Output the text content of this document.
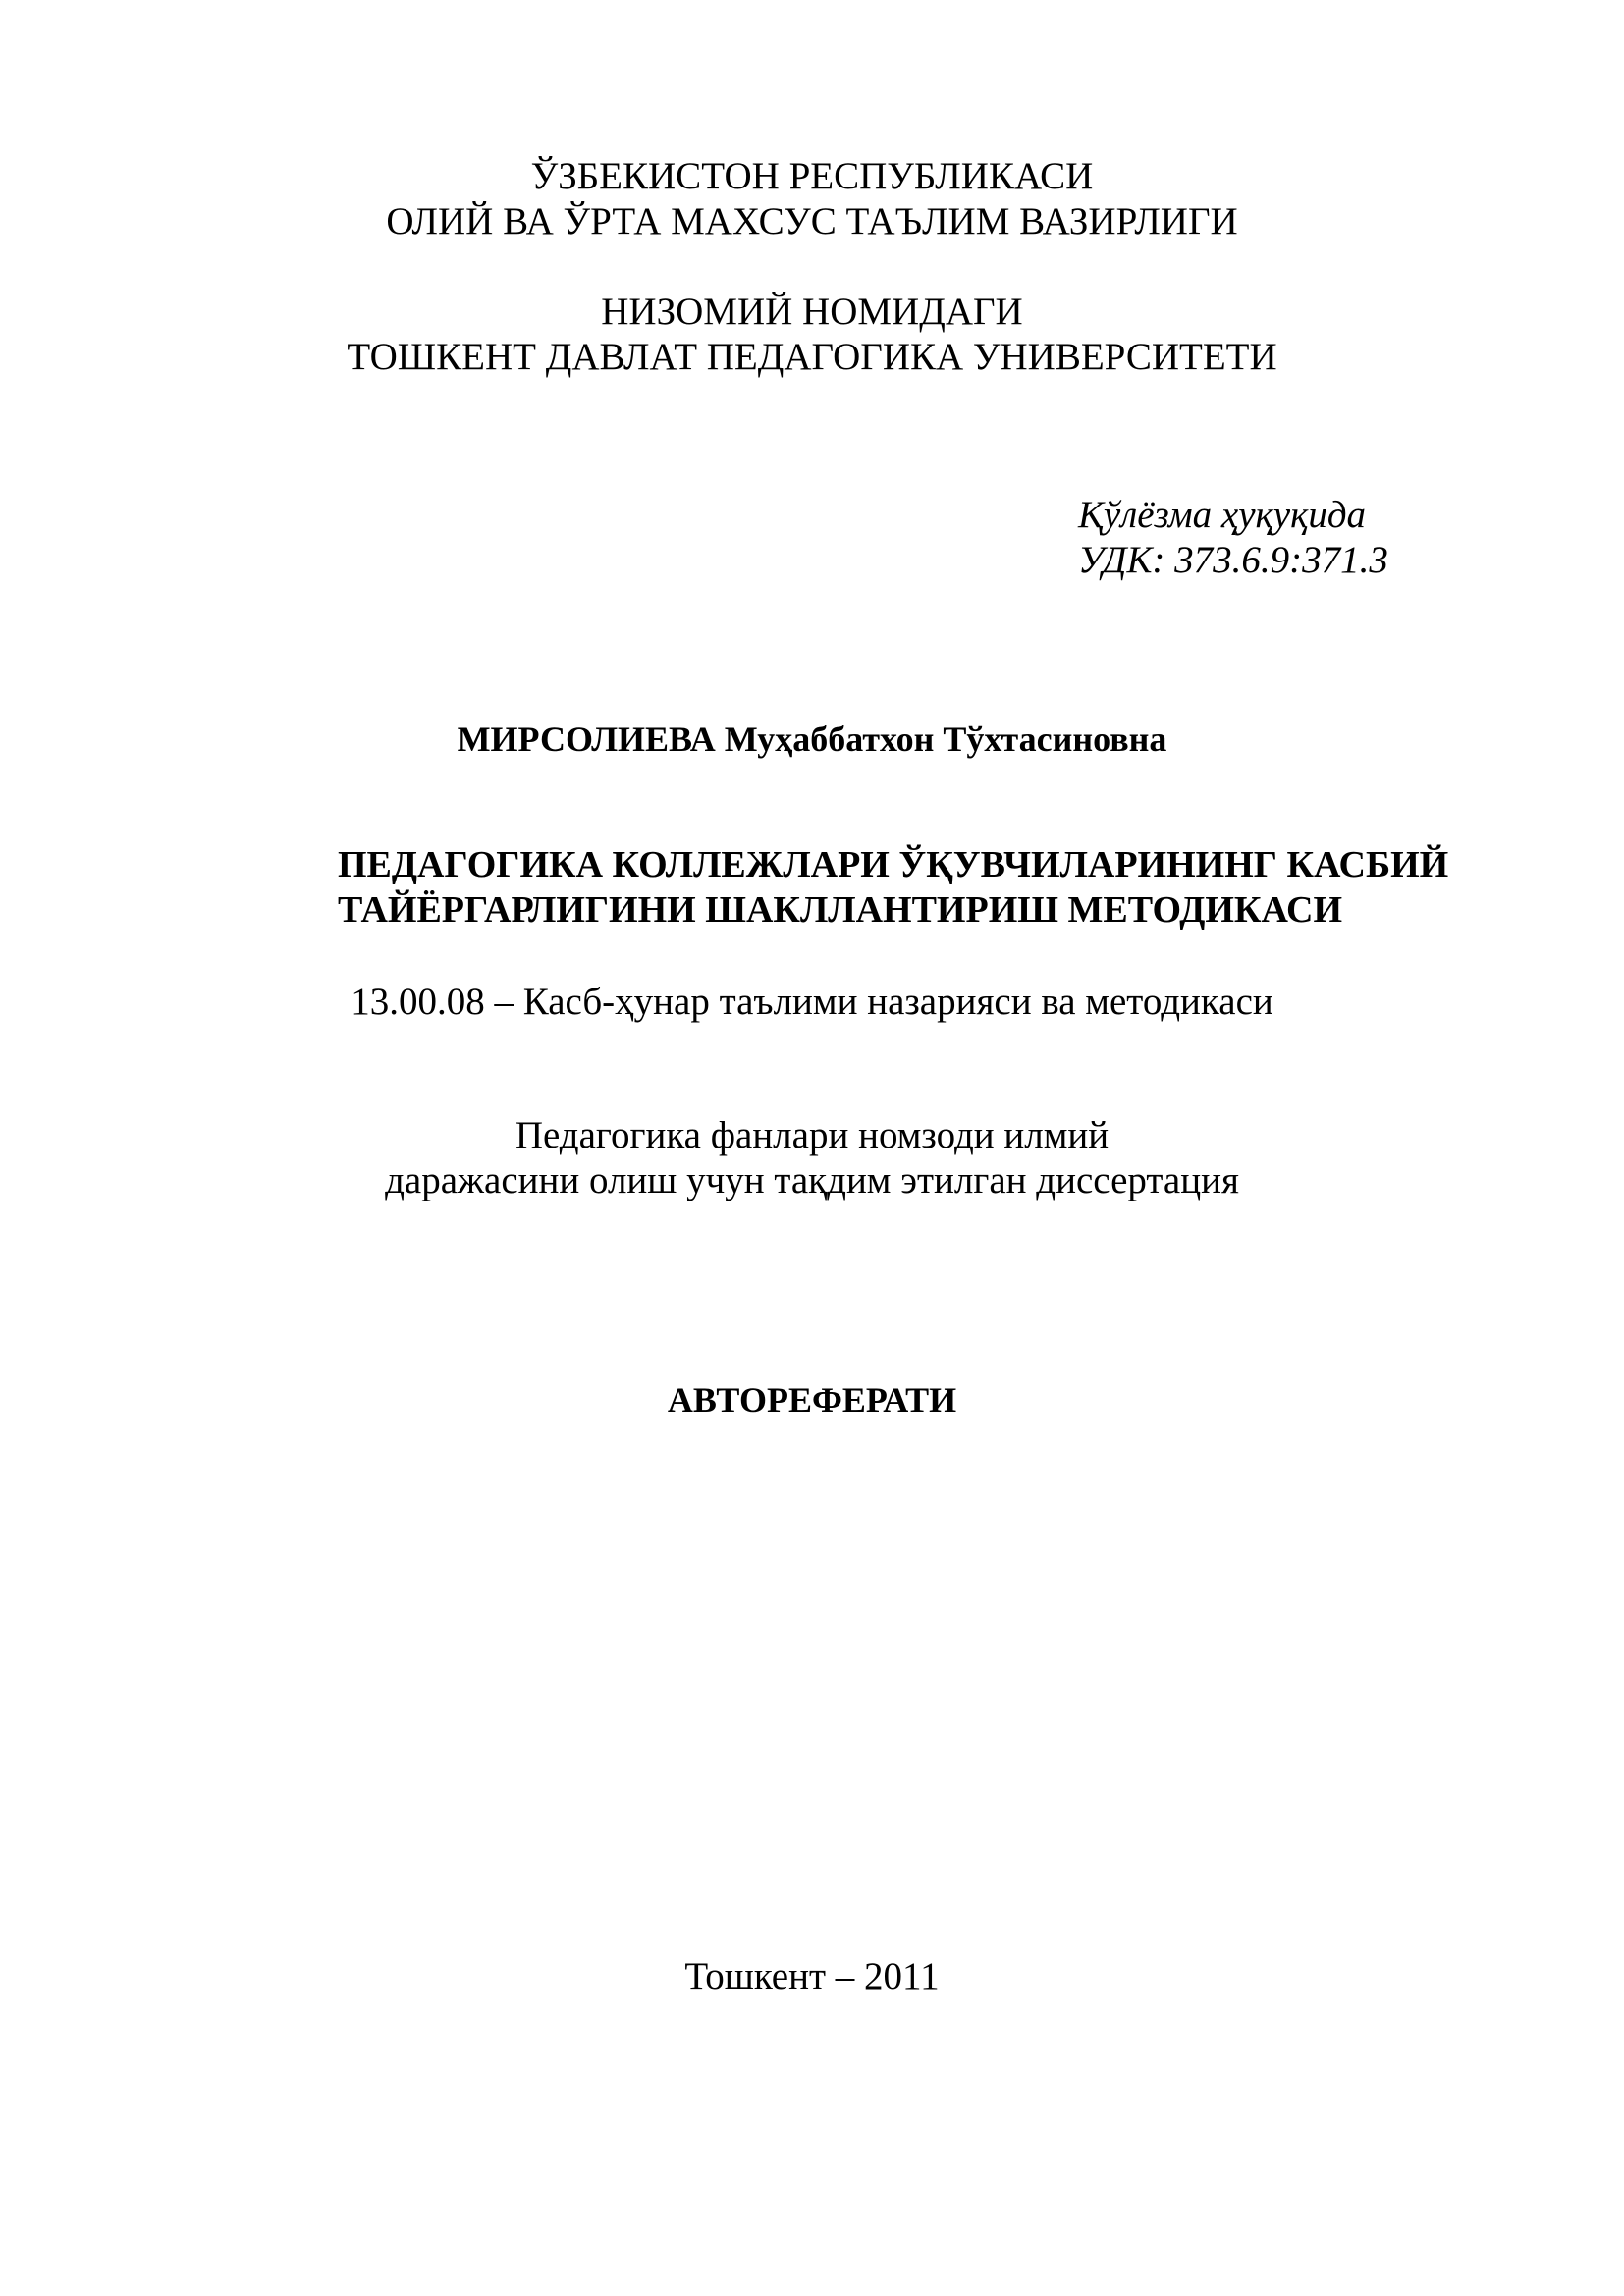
ЎЗБЕКИСТОН РЕСПУБЛИКАСИ

ОЛИЙ ВА ЎРТА МАХСУС ТАЪЛИМ ВАЗИРЛИГИ

НИЗОМИЙ НОМИДАГИ

ТОШКЕНТ ДАВЛАТ ПЕДАГОГИКА УНИВЕРСИТЕТИ

Қўлёзма ҳуқуқида

УДК: 373.6.9:371.3

МИРСОЛИЕВА Муҳаббатхон Тўхтасиновна

ПЕДАГОГИКА КОЛЛЕЖЛАРИ ЎҚУВЧИЛАРИНИНГ КАСБИЙ

ТАЙЁРГАРЛИГИНИ ШАКЛЛАНТИРИШ МЕТОДИКАСИ

13.00.08 – Касб-ҳунар таълими назарияси ва методикаси

Педагогика фанлари номзоди илмий

даражасини олиш учун тақдим этилган диссертация

АВТОРЕФЕРАТИ

Тошкент – 2011
